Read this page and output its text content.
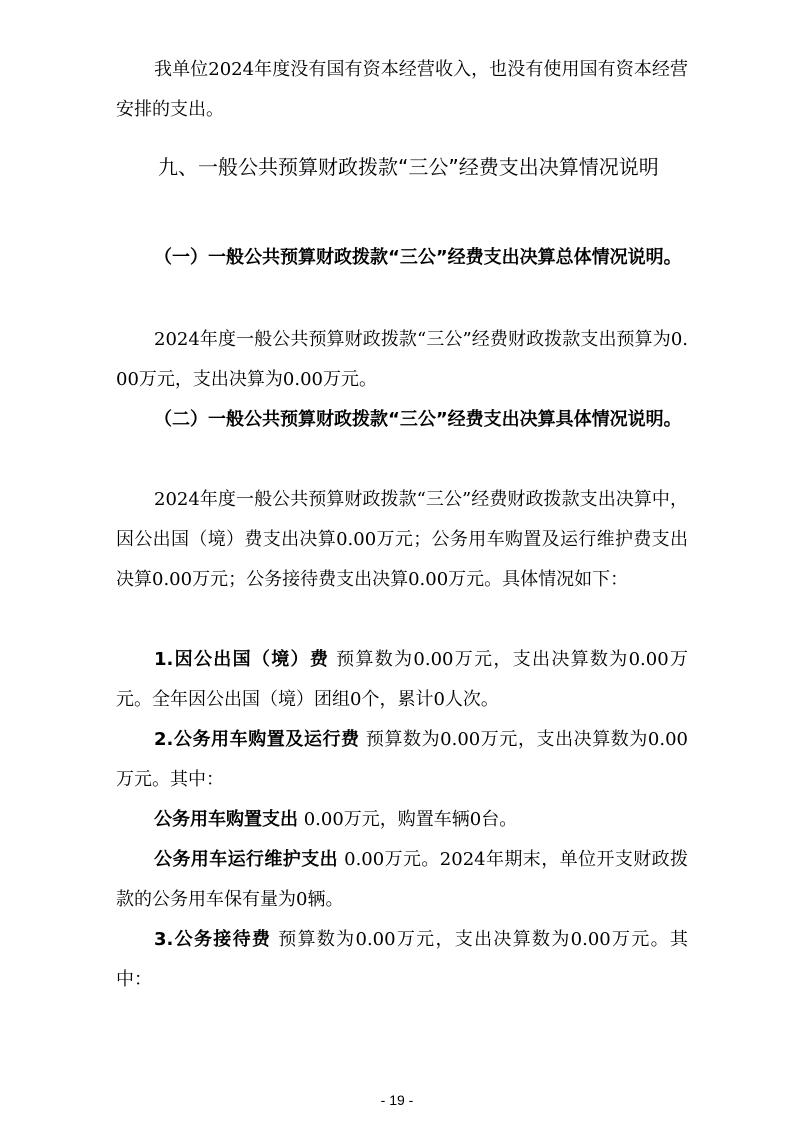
我单位2024年度没有国有资本经营收入，也没有使用国有资本经营安排的支出。

九、一般公共预算财政拨款“三公”经费支出决算情况说明

（一）一般公共预算财政拨款“三公”经费支出决算总体情况说明。

2024年度一般公共预算财政拨款“三公”经费财政拨款支出预算为0.00万元，支出决算为0.00万元。

（二）一般公共预算财政拨款“三公”经费支出决算具体情况说明。

2024年度一般公共预算财政拨款“三公”经费财政拨款支出决算中，因公出国（境）费支出决算0.00万元；公务用车购置及运行维护费支出决算0.00万元；公务接待费支出决算0.00万元。具体情况如下：

1.因公出国（境）费 预算数为0.00万元，支出决算数为0.00万元。全年因公出国（境）团组0个，累计0人次。

2.公务用车购置及运行费 预算数为0.00万元，支出决算数为0.00万元。其中：

公务用车购置支出 0.00万元，购置车辆0台。

公务用车运行维护支出 0.00万元。2024年期末，单位开支财政拨款的公务用车保有量为0辆。

3.公务接待费 预算数为0.00万元，支出决算数为0.00万元。其中：

- 19 -
